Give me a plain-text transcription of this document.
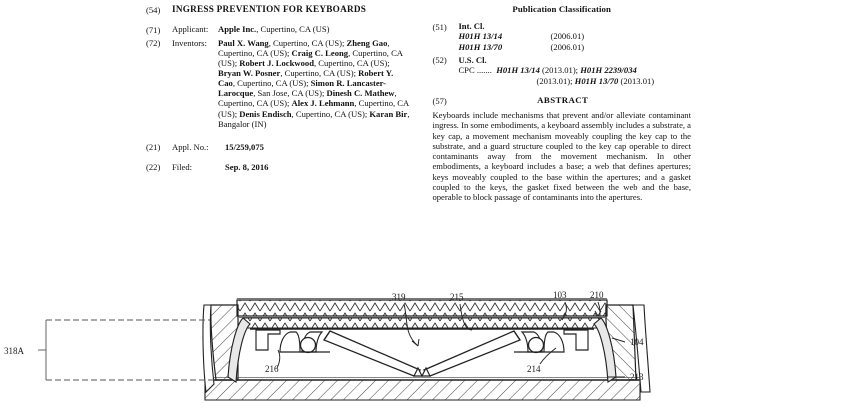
(54)	INGRESS PREVENTION FOR KEYBOARDS
(71)	Applicant:	Apple Inc., Cupertino, CA (US)
(72)	Inventors:	Paul X. Wang, Cupertino, CA (US); Zheng Gao, Cupertino, CA (US); Craig C. Leong, Cupertino, CA (US); Robert J. Lockwood, Cupertino, CA (US); Bryan W. Posner, Cupertino, CA (US); Robert Y. Cao, Cupertino, CA (US); Simon R. Lancaster-Larocque, San Jose, CA (US); Dinesh C. Mathew, Cupertino, CA (US); Alex J. Lehmann, Cupertino, CA (US); Denis Endisch, Cupertino, CA (US); Karan Bir, Bangalor (IN)
(21)	Appl. No.:	15/259,075
(22)	Filed:	Sep. 8, 2016
Publication Classification
(51)	Int. Cl.
H01H 13/14	(2006.01)
H01H 13/70	(2006.01)
(52)	U.S. Cl.
CPC ....... H01H 13/14 (2013.01); H01H 2239/034
(2013.01); H01H 13/70 (2013.01)
(57)	ABSTRACT
Keyboards include mechanisms that prevent and/or alleviate contaminant ingress. In some embodiments, a keyboard assembly includes a substrate, a key cap, a movement mechanism moveably coupling the key cap to the substrate, and a guard structure coupled to the key cap operable to direct contaminants away from the movement mechanism. In other embodiments, a keyboard includes a base; a web that defines apertures; keys moveably coupled to the base within the apertures; and a gasket coupled to the keys, the gasket fixed between the web and the base, operable to block passage of contaminants into the apertures.
319	215	103	210
104
213
214
216
318A
